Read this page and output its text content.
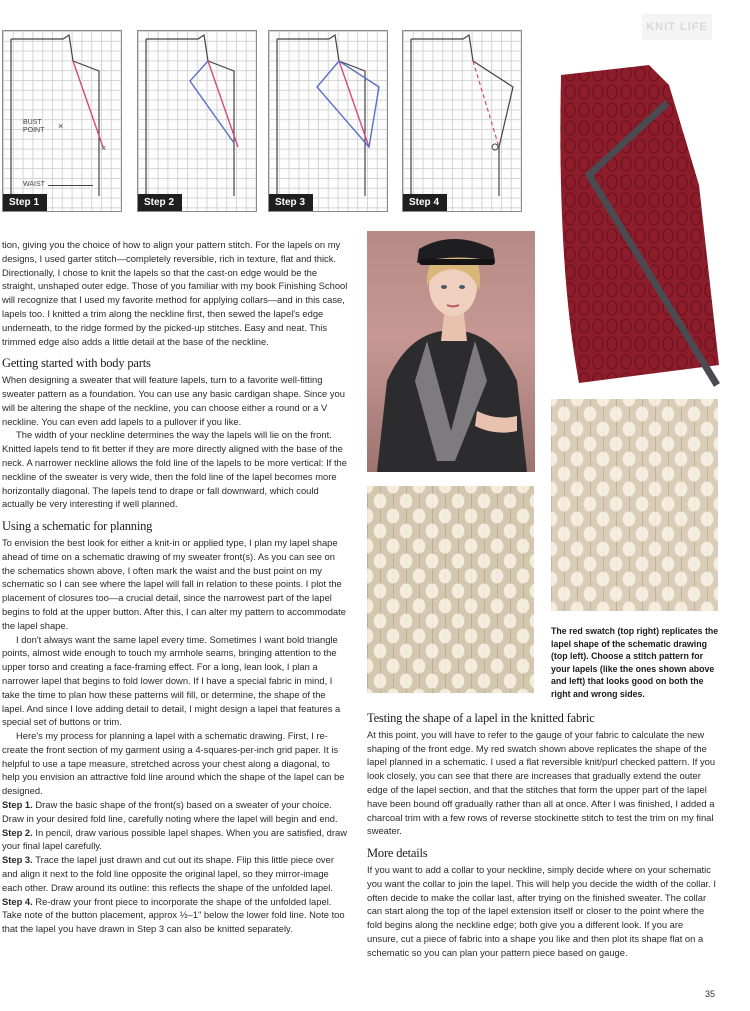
KNIT LIFE
×
×
BUST POINT
WAIST
Step 1	Step 2	Step 3	Step 4
The red swatch (top right) replicates the lapel shape of the schematic drawing (top left). Choose a stitch pattern for your lapels (like the ones shown above and left) that looks good on both the right and wrong sides.

tion, giving you the choice of how to align your pattern stitch. For the lapels on my designs, I used garter stitch—completely reversible, rich in texture, flat and thick. Directionally, I chose to knit the lapels so that the cast-on edge would be the straight, unshaped outer edge. Those of you familiar with my book Finishing School will recognize that I used my favorite method for applying collars—and in this case, lapels too. I knitted a trim along the neckline first, then sewed the lapel's edge underneath, to the ridge formed by the picked-up stitches. Easy and neat. This trimmed edge also adds a little detail at the base of the neckline.

Getting started with body parts

When designing a sweater that will feature lapels, turn to a favorite well-fitting sweater pattern as a foundation. You can use any basic cardigan shape. Since you will be altering the shape of the neckline, you can choose either a round or a V neckline. You can even add lapels to a pullover if you like.

The width of your neckline determines the way the lapels will lie on the front. Knitted lapels tend to fit better if they are more directly aligned with the base of the neck. A narrower neckline allows the fold line of the lapels to be more vertical: If the neckline of the sweater is very wide, then the fold line of the lapel becomes more horizontally diagonal. The lapels tend to drape or fall downward, which could actually be very interesting if well planned.

Using a schematic for planning

To envision the best look for either a knit-in or applied type, I plan my lapel shape ahead of time on a schematic drawing of my sweater front(s). As you can see on the schematics shown above, I often mark the waist and the bust point on my schematic so I can see where the lapel will fall in relation to these points. I plot the placement of closures too—a crucial detail, since the narrowest part of the lapel begins to fold at the upper button. After this, I can alter my pattern to accommodate the lapel shape.

I don't always want the same lapel every time. Sometimes I want bold triangle points, almost wide enough to touch my armhole seams, bringing attention to the upper torso and creating a face-framing effect. For a long, lean look, I plan a narrower lapel that begins to fold lower down. If I have a special fabric in mind, I take the time to plan how these patterns will fill, or determine, the shape of the lapel. And since I love adding detail to detail, I might design a lapel that features a special set of buttons or trim.

Here's my process for planning a lapel with a schematic drawing. First, I re-create the front section of my garment using a 4-squares-per-inch grid paper. It is helpful to use a tape measure, stretched across your chest along a diagonal, to help you envision an attractive fold line around which the shape of the lapel can be designed.

Step 1. Draw the basic shape of the front(s) based on a sweater of your choice. Draw in your desired fold line, carefully noting where the lapel will begin and end.

Step 2. In pencil, draw various possible lapel shapes. When you are satisfied, draw your final lapel carefully.

Step 3. Trace the lapel just drawn and cut out its shape. Flip this little piece over and align it next to the fold line opposite the original lapel, so they mirror-image each other. Draw around its outline: this reflects the shape of the unfolded lapel.

Step 4. Re-draw your front piece to incorporate the shape of the unfolded lapel. Take note of the button placement, approx ½–1" below the lower fold line. Note too that the lapel you have drawn in Step 3 can also be knitted separately.

Testing the shape of a lapel in the knitted fabric

At this point, you will have to refer to the gauge of your fabric to calculate the new shaping of the front edge. My red swatch shown above replicates the shape of the lapel planned in a schematic. I used a flat reversible knit/purl checked pattern. If you look closely, you can see that there are increases that gradually extend the outer edge of the lapel section, and that the stitches that form the upper part of the lapel have been bound off gradually rather than all at once. After I was finished, I added a charcoal trim with a few rows of reverse stockinette stitch to test the trim on my final sweater.

More details

If you want to add a collar to your neckline, simply decide where on your schematic you want the collar to join the lapel. This will help you decide the width of the collar. I often decide to make the collar last, after trying on the finished sweater. The collar can start along the top of the lapel extension itself or closer to the point where the fold begins along the neckline edge; both give you a different look. If you are unsure, cut a piece of fabric into a shape you like and then plot its shape flat on a schematic so you can plan your pattern piece based on gauge.

35
